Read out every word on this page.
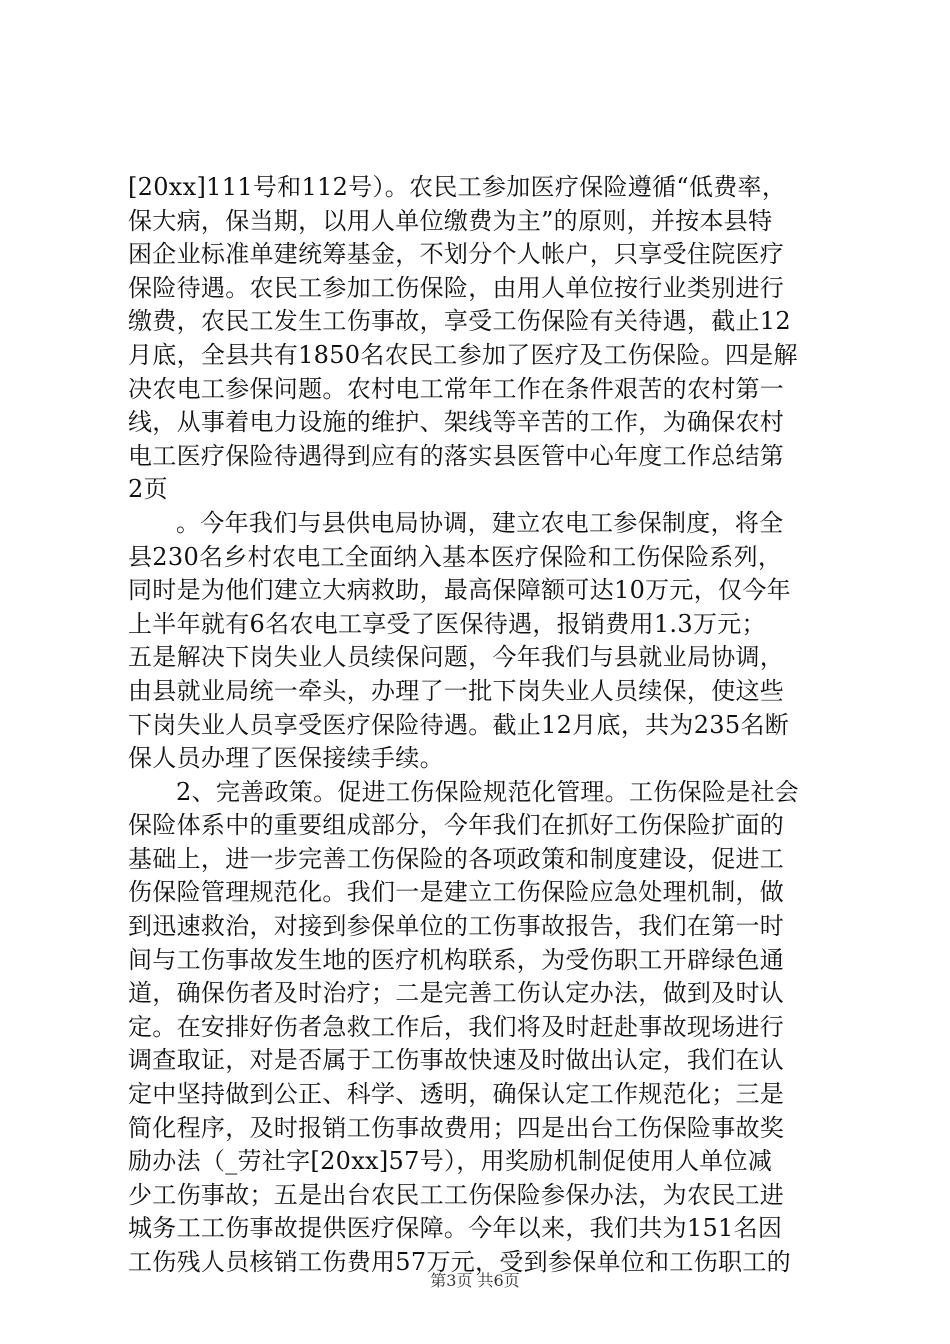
[20xx]111号和112号）。农民工参加医疗保险遵循“低费率，
保大病，保当期，以用人单位缴费为主”的原则，并按本县特
困企业标准单建统筹基金，不划分个人帐户，只享受住院医疗
保险待遇。农民工参加工伤保险，由用人单位按行业类别进行
缴费，农民工发生工伤事故，享受工伤保险有关待遇，截止12
月底，全县共有1850名农民工参加了医疗及工伤保险。四是解
决农电工参保问题。农村电工常年工作在条件艰苦的农村第一
线，从事着电力设施的维护、架线等辛苦的工作，为确保农村
电工医疗保险待遇得到应有的落实县医管中心年度工作总结第
2页
。今年我们与县供电局协调，建立农电工参保制度，将全
县230名乡村农电工全面纳入基本医疗保险和工伤保险系列，
同时是为他们建立大病救助，最高保障额可达10万元，仅今年
上半年就有6名农电工享受了医保待遇，报销费用1.3万元；
五是解决下岗失业人员续保问题，今年我们与县就业局协调，
由县就业局统一牵头，办理了一批下岗失业人员续保，使这些
下岗失业人员享受医疗保险待遇。截止12月底，共为235名断
保人员办理了医保接续手续。
2、完善政策。促进工伤保险规范化管理。工伤保险是社会
保险体系中的重要组成部分，今年我们在抓好工伤保险扩面的
基础上，进一步完善工伤保险的各项政策和制度建设，促进工
伤保险管理规范化。我们一是建立工伤保险应急处理机制，做
到迅速救治，对接到参保单位的工伤事故报告，我们在第一时
间与工伤事故发生地的医疗机构联系，为受伤职工开辟绿色通
道，确保伤者及时治疗；二是完善工伤认定办法，做到及时认
定。在安排好伤者急救工作后，我们将及时赶赴事故现场进行
调查取证，对是否属于工伤事故快速及时做出认定，我们在认
定中坚持做到公正、科学、透明，确保认定工作规范化；三是
简化程序，及时报销工伤事故费用；四是出台工伤保险事故奖
励办法（_劳社字[20xx]57号），用奖励机制促使用人单位减
少工伤事故；五是出台农民工工伤保险参保办法，为农民工进
城务工工伤事故提供医疗保障。今年以来，我们共为151名因
工伤残人员核销工伤费用57万元，受到参保单位和工伤职工的
第3页 共6页
